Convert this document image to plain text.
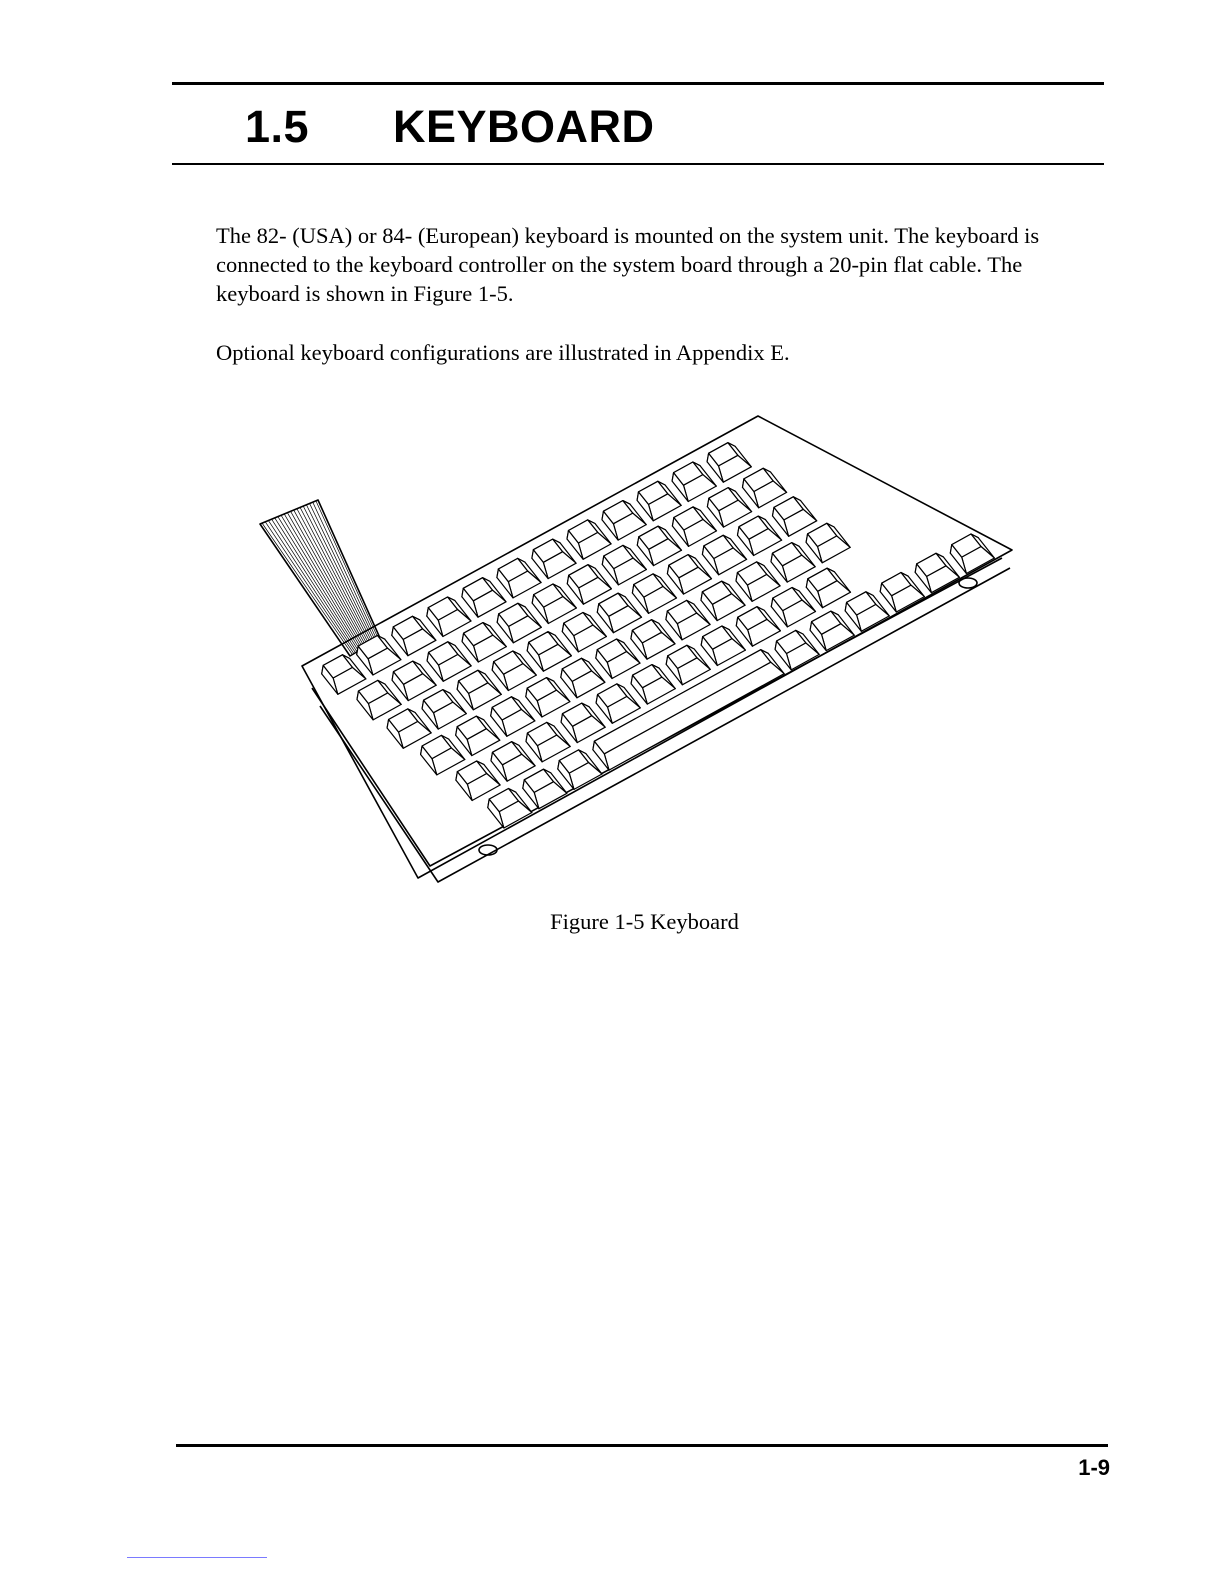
1.5	KEYBOARD

The 82- (USA) or 84- (European) keyboard is mounted on the system unit. The keyboard is connected to the keyboard controller on the system board through a 20-pin flat cable. The keyboard is shown in Figure 1-5.

Optional keyboard configurations are illustrated in Appendix E.

Figure 1-5 Keyboard
1-9
